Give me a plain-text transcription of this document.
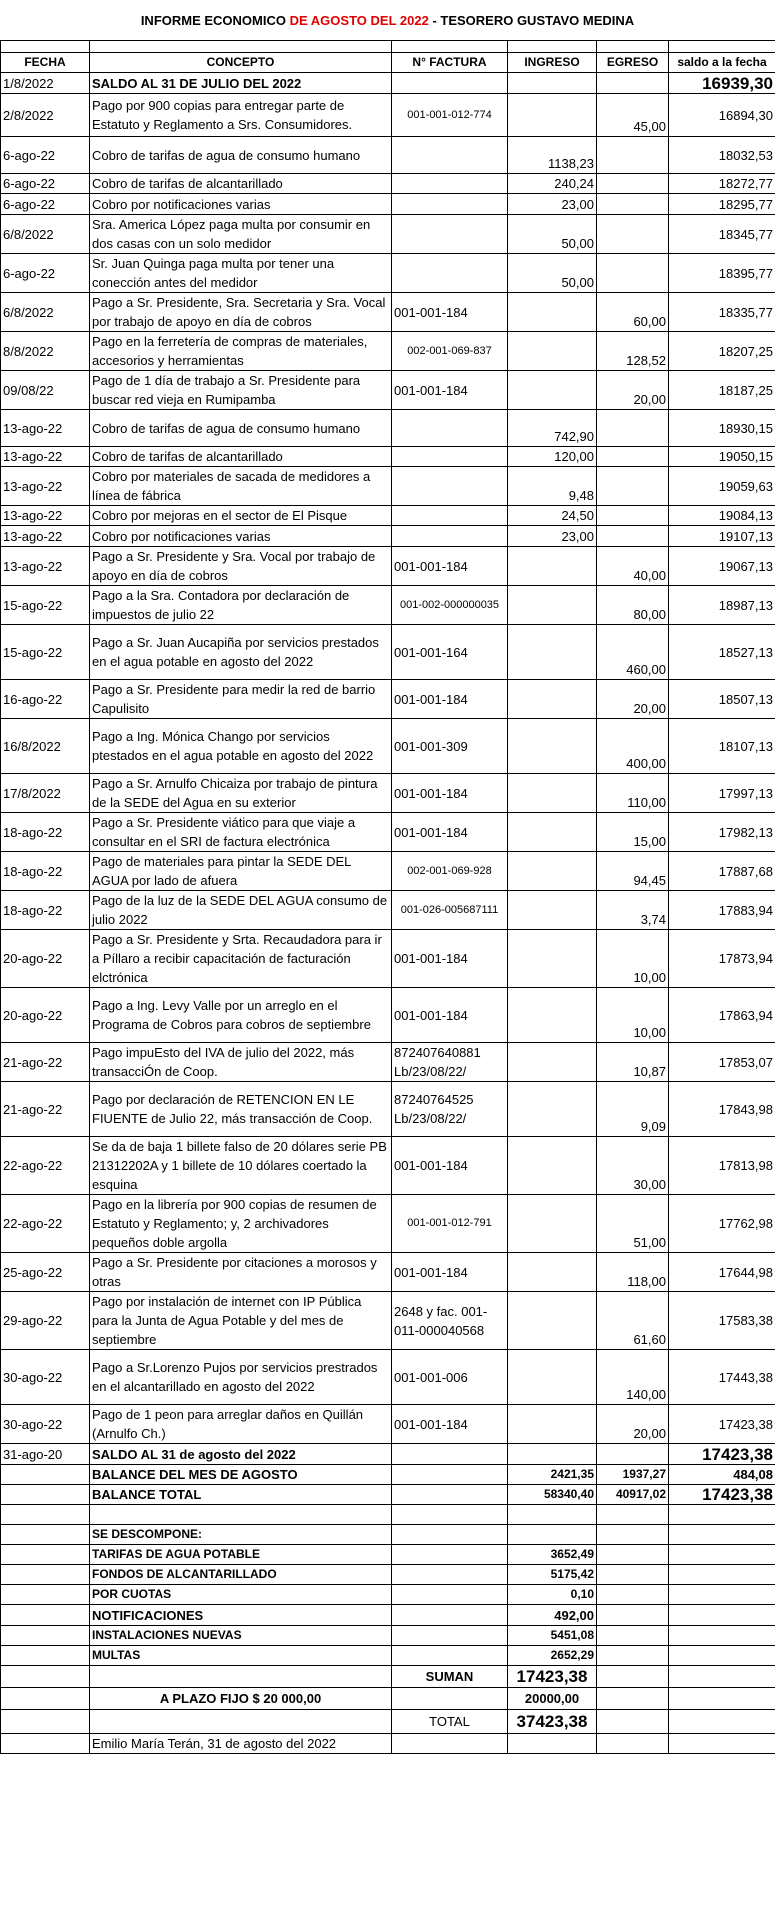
INFORME ECONOMICO DE AGOSTO DEL 2022 - TESORERO GUSTAVO MEDINA

FECHA	CONCEPTO	N° FACTURA	INGRESO	EGRESO	saldo a la fecha
1/8/2022	SALDO AL 31 DE JULIO DEL 2022				16939,30
2/8/2022	Pago por 900 copias para entregar parte de Estatuto y Reglamento a Srs. Consumidores.	001-001-012-774		45,00	16894,30
6-ago-22	Cobro de tarifas de agua de consumo humano		1138,23		18032,53
6-ago-22	Cobro de tarifas de alcantarillado		240,24		18272,77
6-ago-22	Cobro por notificaciones varias		23,00		18295,77
6/8/2022	Sra. America López paga multa por consumir en dos casas con un solo medidor		50,00		18345,77
6-ago-22	Sr. Juan Quinga paga multa por tener una conección antes del medidor		50,00		18395,77
6/8/2022	Pago a Sr. Presidente, Sra. Secretaria y Sra. Vocal por trabajo de apoyo en día de cobros	001-001-184		60,00	18335,77
8/8/2022	Pago en la ferretería de compras de materiales, accesorios y herramientas	002-001-069-837		128,52	18207,25
09/08/22	Pago de 1 día de trabajo a Sr. Presidente para buscar red vieja en Rumipamba	001-001-184		20,00	18187,25
13-ago-22	Cobro de tarifas de agua de consumo humano		742,90		18930,15
13-ago-22	Cobro de tarifas de alcantarillado		120,00		19050,15
13-ago-22	Cobro por materiales de sacada de medidores a línea de fábrica		9,48		19059,63
13-ago-22	Cobro por mejoras en el sector de El Pisque		24,50		19084,13
13-ago-22	Cobro por notificaciones varias		23,00		19107,13
13-ago-22	Pago a Sr. Presidente y Sra. Vocal por trabajo de apoyo en día de cobros	001-001-184		40,00	19067,13
15-ago-22	Pago a la Sra. Contadora por declaración de impuestos de julio 22	001-002-000000035		80,00	18987,13
15-ago-22	Pago a Sr. Juan Aucapiña por servicios prestados en el agua potable en agosto del 2022	001-001-164		460,00	18527,13
16-ago-22	Pago a Sr. Presidente para medir la red de barrio Capulisito	001-001-184		20,00	18507,13
16/8/2022	Pago a Ing. Mónica Chango por servicios ptestados en el agua potable en agosto del 2022	001-001-309		400,00	18107,13
17/8/2022	Pago a Sr. Arnulfo Chicaiza por trabajo de pintura de la SEDE del Agua en su exterior	001-001-184		110,00	17997,13
18-ago-22	Pago a Sr. Presidente viático para que viaje a consultar en el SRI de factura electrónica	001-001-184		15,00	17982,13
18-ago-22	Pago de materiales para pintar la SEDE DEL AGUA por lado de afuera	002-001-069-928		94,45	17887,68
18-ago-22	Pago de la luz de la SEDE DEL AGUA consumo de julio 2022	001-026-005687111		3,74	17883,94
20-ago-22	Pago a Sr. Presidente y Srta. Recaudadora para ir a Píllaro a recibir capacitación de facturación elctrónica	001-001-184		10,00	17873,94
20-ago-22	Pago a Ing. Levy Valle por un arreglo en el Programa de Cobros para cobros de septiembre	001-001-184		10,00	17863,94
21-ago-22	Pago impuEsto del IVA de julio del 2022, más transacciÓn de Coop.	872407640881 Lb/23/08/22/		10,87	17853,07
21-ago-22	Pago por declaración de RETENCION EN LE FIUENTE de Julio 22, más transacción de Coop.	87240764525 Lb/23/08/22/		9,09	17843,98
22-ago-22	Se da de baja 1 billete falso de 20 dólares serie PB 21312202A y 1 billete de 10 dólares coertado la esquina	001-001-184		30,00	17813,98
22-ago-22	Pago en la librería por 900 copias de resumen de Estatuto y Reglamento; y, 2 archivadores pequeños doble argolla	001-001-012-791		51,00	17762,98
25-ago-22	Pago a Sr. Presidente por citaciones a morosos y otras	001-001-184		118,00	17644,98
29-ago-22	Pago por instalación de internet con IP Pública para la Junta de Agua Potable y del mes de septiembre	2648 y fac. 001-011-000040568		61,60	17583,38
30-ago-22	Pago a Sr.Lorenzo Pujos por servicios prestrados en el alcantarillado en agosto del 2022	001-001-006		140,00	17443,38
30-ago-22	Pago de 1 peon para arreglar daños en Quillán (Arnulfo Ch.)	001-001-184		20,00	17423,38
31-ago-20	SALDO AL 31 de agosto del 2022				17423,38
	BALANCE DEL MES DE AGOSTO		2421,35	1937,27	484,08
	BALANCE TOTAL		58340,40	40917,02	17423,38

	SE DESCOMPONE:				
	TARIFAS DE AGUA POTABLE		3652,49		
	FONDOS DE ALCANTARILLADO		5175,42		
	POR CUOTAS		0,10		
	NOTIFICACIONES		492,00		
	INSTALACIONES NUEVAS		5451,08		
	MULTAS		2652,29		
		SUMAN	17423,38		
	A PLAZO FIJO $ 20 000,00		20000,00		
		TOTAL	37423,38		
	Emilio María Terán, 31 de agosto del 2022				
